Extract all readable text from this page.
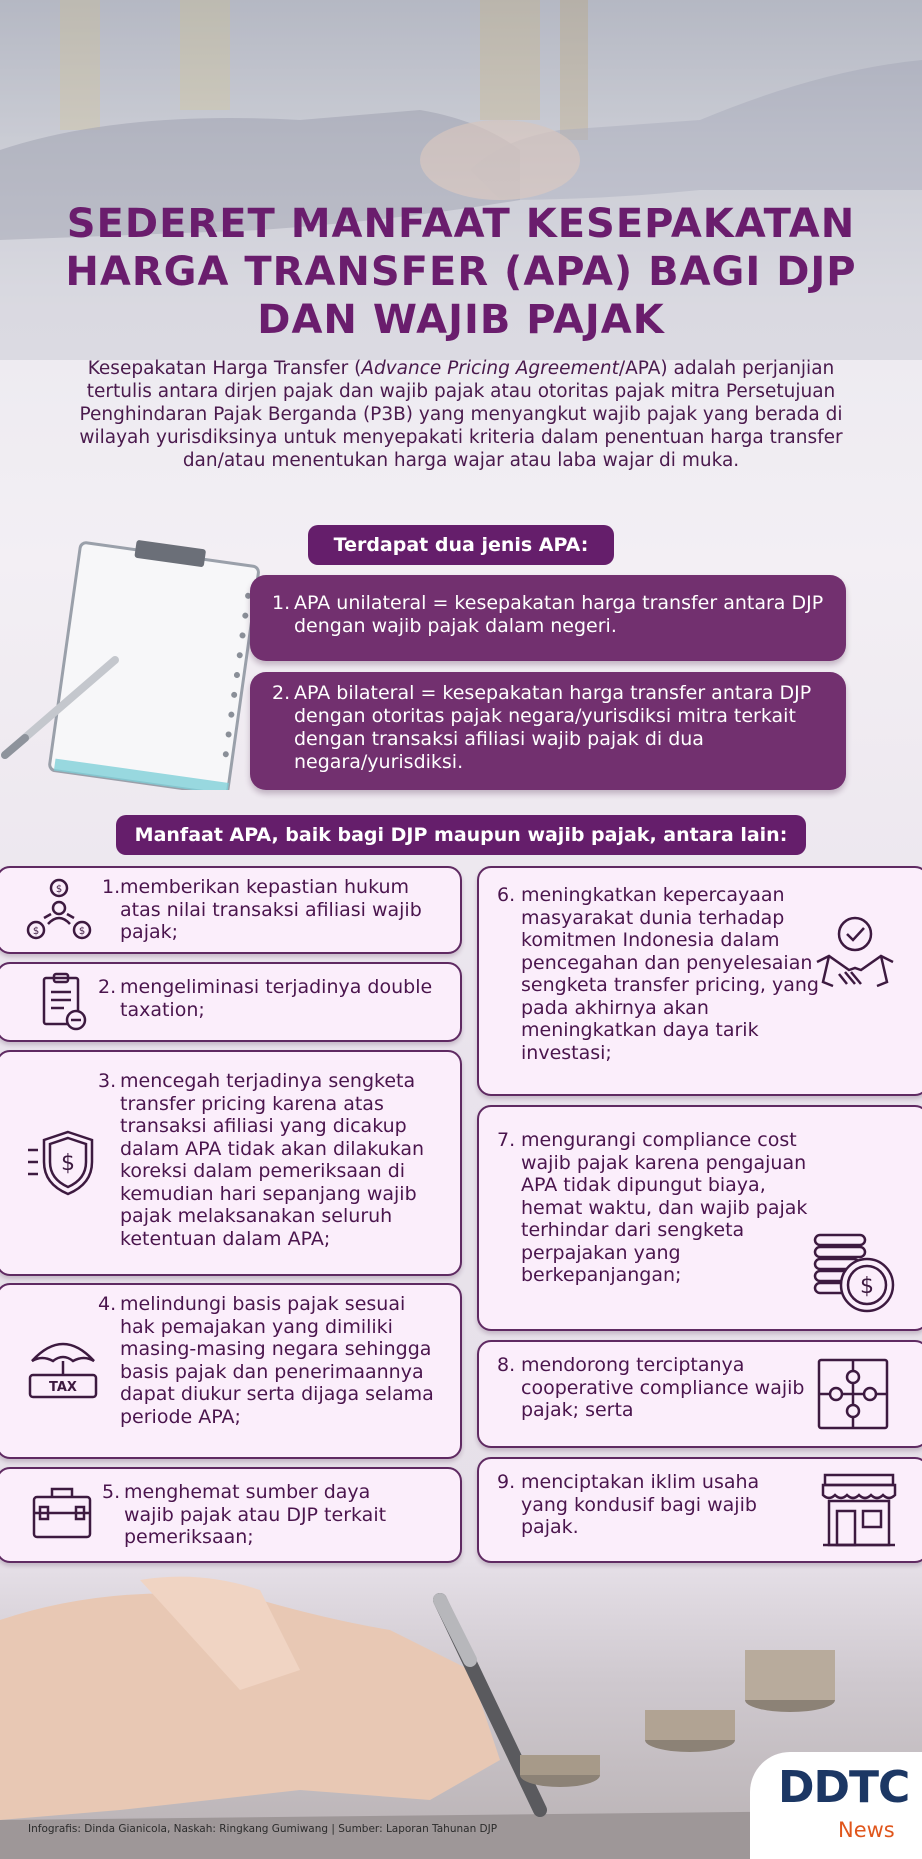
SEDERET MANFAAT KESEPAKATAN
HARGA TRANSFER (APA) BAGI DJP
DAN WAJIB PAJAK

Kesepakatan Harga Transfer (Advance Pricing Agreement/APA) adalah perjanjian tertulis antara dirjen pajak dan wajib pajak atau otoritas pajak mitra Persetujuan Penghindaran Pajak Berganda (P3B) yang menyangkut wajib pajak yang berada di wilayah yurisdiksinya untuk menyepakati kriteria dalam penentuan harga transfer dan/atau menentukan harga wajar atau laba wajar di muka.

Terdapat dua jenis APA:
1. APA unilateral = kesepakatan harga transfer antara DJP dengan wajib pajak dalam negeri.
2. APA bilateral = kesepakatan harga transfer antara DJP dengan otoritas pajak negara/yurisdiksi mitra terkait dengan transaksi afiliasi wajib pajak di dua negara/yurisdiksi.
Manfaat APA, baik bagi DJP maupun wajib pajak, antara lain:
$
$	$
1. memberikan kepastian hukum atas nilai transaksi afiliasi wajib pajak;
2. mengeliminasi terjadinya double taxation;
$
3. mencegah terjadinya sengketa transfer pricing karena atas transaksi afiliasi yang dicakup dalam APA tidak akan dilakukan koreksi dalam pemeriksaan di kemudian hari sepanjang wajib pajak melaksanakan seluruh ketentuan dalam APA;
TAX
4. melindungi basis pajak sesuai hak pemajakan yang dimiliki masing-masing negara sehingga basis pajak dan penerimaannya dapat diukur serta dijaga selama periode APA;
5. menghemat sumber daya wajib pajak atau DJP terkait pemeriksaan;
6. meningkatkan kepercayaan masyarakat dunia terhadap komitmen Indonesia dalam pencegahan dan penyelesaian sengketa transfer pricing, yang pada akhirnya akan meningkatkan daya tarik investasi;
$
7. mengurangi compliance cost wajib pajak karena pengajuan APA tidak dipungut biaya, hemat waktu, dan wajib pajak terhindar dari sengketa perpajakan yang berkepanjangan;
8. mendorong terciptanya cooperative compliance wajib pajak; serta
9. menciptakan iklim usaha yang kondusif bagi wajib pajak.
Infografis: Dinda Gianicola, Naskah: Ringkang Gumiwang | Sumber: Laporan Tahunan DJP
DDTC
News
